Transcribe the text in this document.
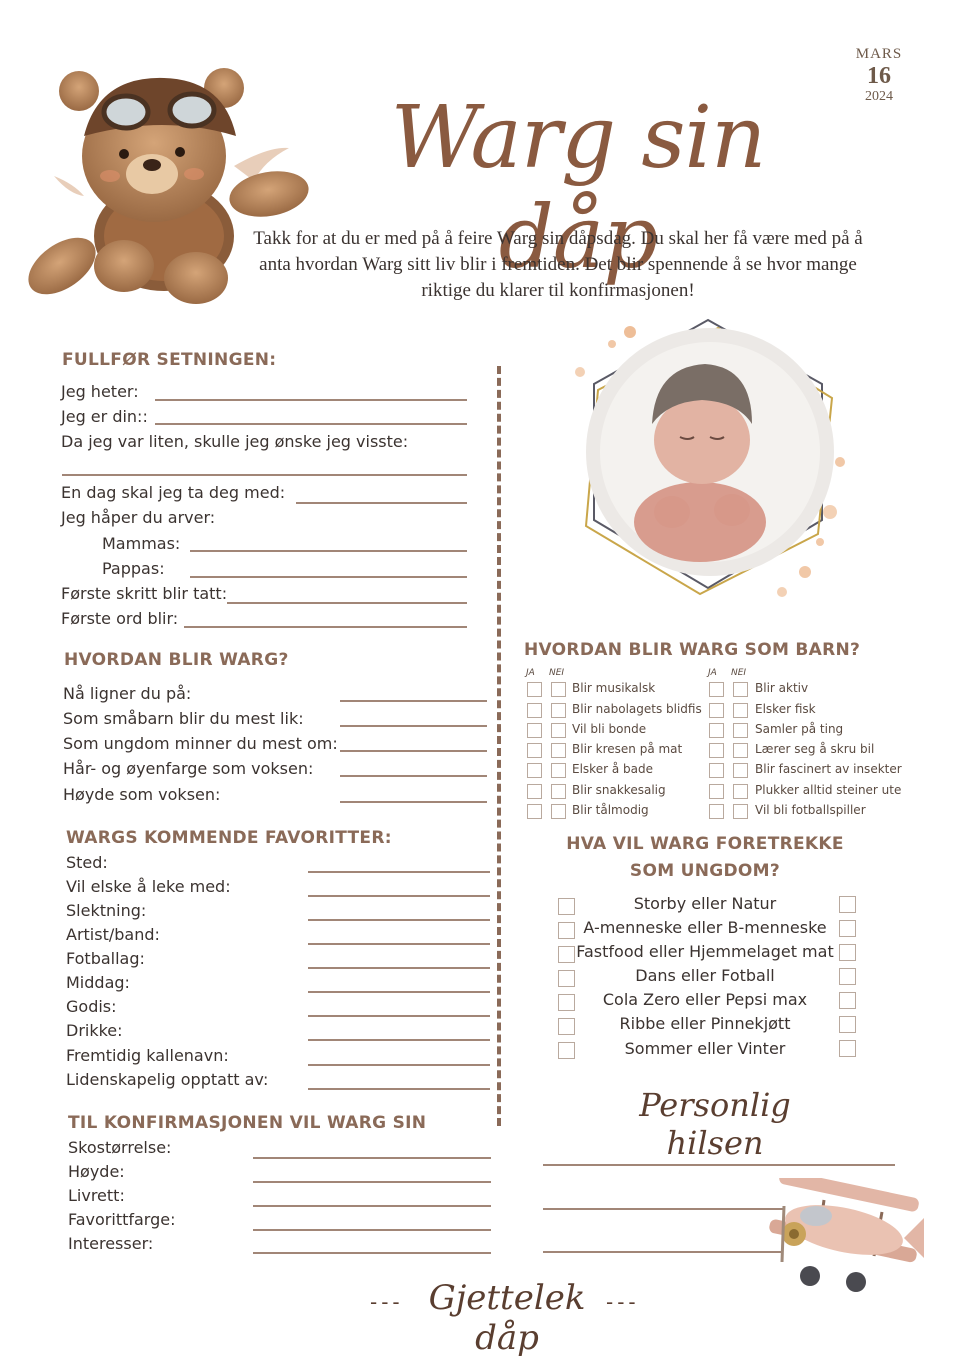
MARS
16
2024
Warg sin dåp
Takk for at du er med på å feire Warg sin dåpsdag. Du skal her få være med på å anta hvordan Warg sitt liv blir i fremtiden. Det blir spennende å se hvor mange riktige du klarer til konfirmasjonen!
FULLFØR SETNINGEN:
Jeg heter:
Jeg er din::
Da jeg var liten, skulle jeg ønske jeg visste:
En dag skal jeg ta deg med:
Jeg håper du arver:
Mammas:
Pappas:
Første skritt blir tatt:
Første ord blir:
HVORDAN BLIR WARG?
Nå ligner du på:
Som småbarn blir du mest lik:
Som ungdom minner du mest om:
Hår- og øyenfarge som voksen:
Høyde som voksen:
WARGS KOMMENDE FAVORITTER:
Sted:
Vil elske å leke med:
Slektning:
Artist/band:
Fotballag:
Middag:
Godis:
Drikke:
Fremtidig kallenavn:
Lidenskapelig opptatt av:
TIL KONFIRMASJONEN VIL WARG SIN
Skostørrelse:
Høyde:
Livrett:
Favorittfarge:
Interesser:
HVORDAN BLIR WARG SOM BARN?
JA NEI	JA NEI
Blir musikalsk
Blir nabolagets blidfis
Vil bli bonde
Blir kresen på mat
Elsker å bade
Blir snakkesalig
Blir tålmodig
Blir aktiv
Elsker fisk
Samler på ting
Lærer seg å skru bil
Blir fascinert av insekter
Plukker alltid steiner ute
Vil bli fotballspiller
HVA VIL WARG FORETREKKE
SOM UNGDOM?
Storby eller Natur
A-menneske eller B-menneske
Fastfood eller Hjemmelaget mat
Dans eller Fotball
Cola Zero eller Pepsi max
Ribbe eller Pinnekjøtt
Sommer eller Vinter
Personlig hilsen
--- Gjettelek dåp
---
